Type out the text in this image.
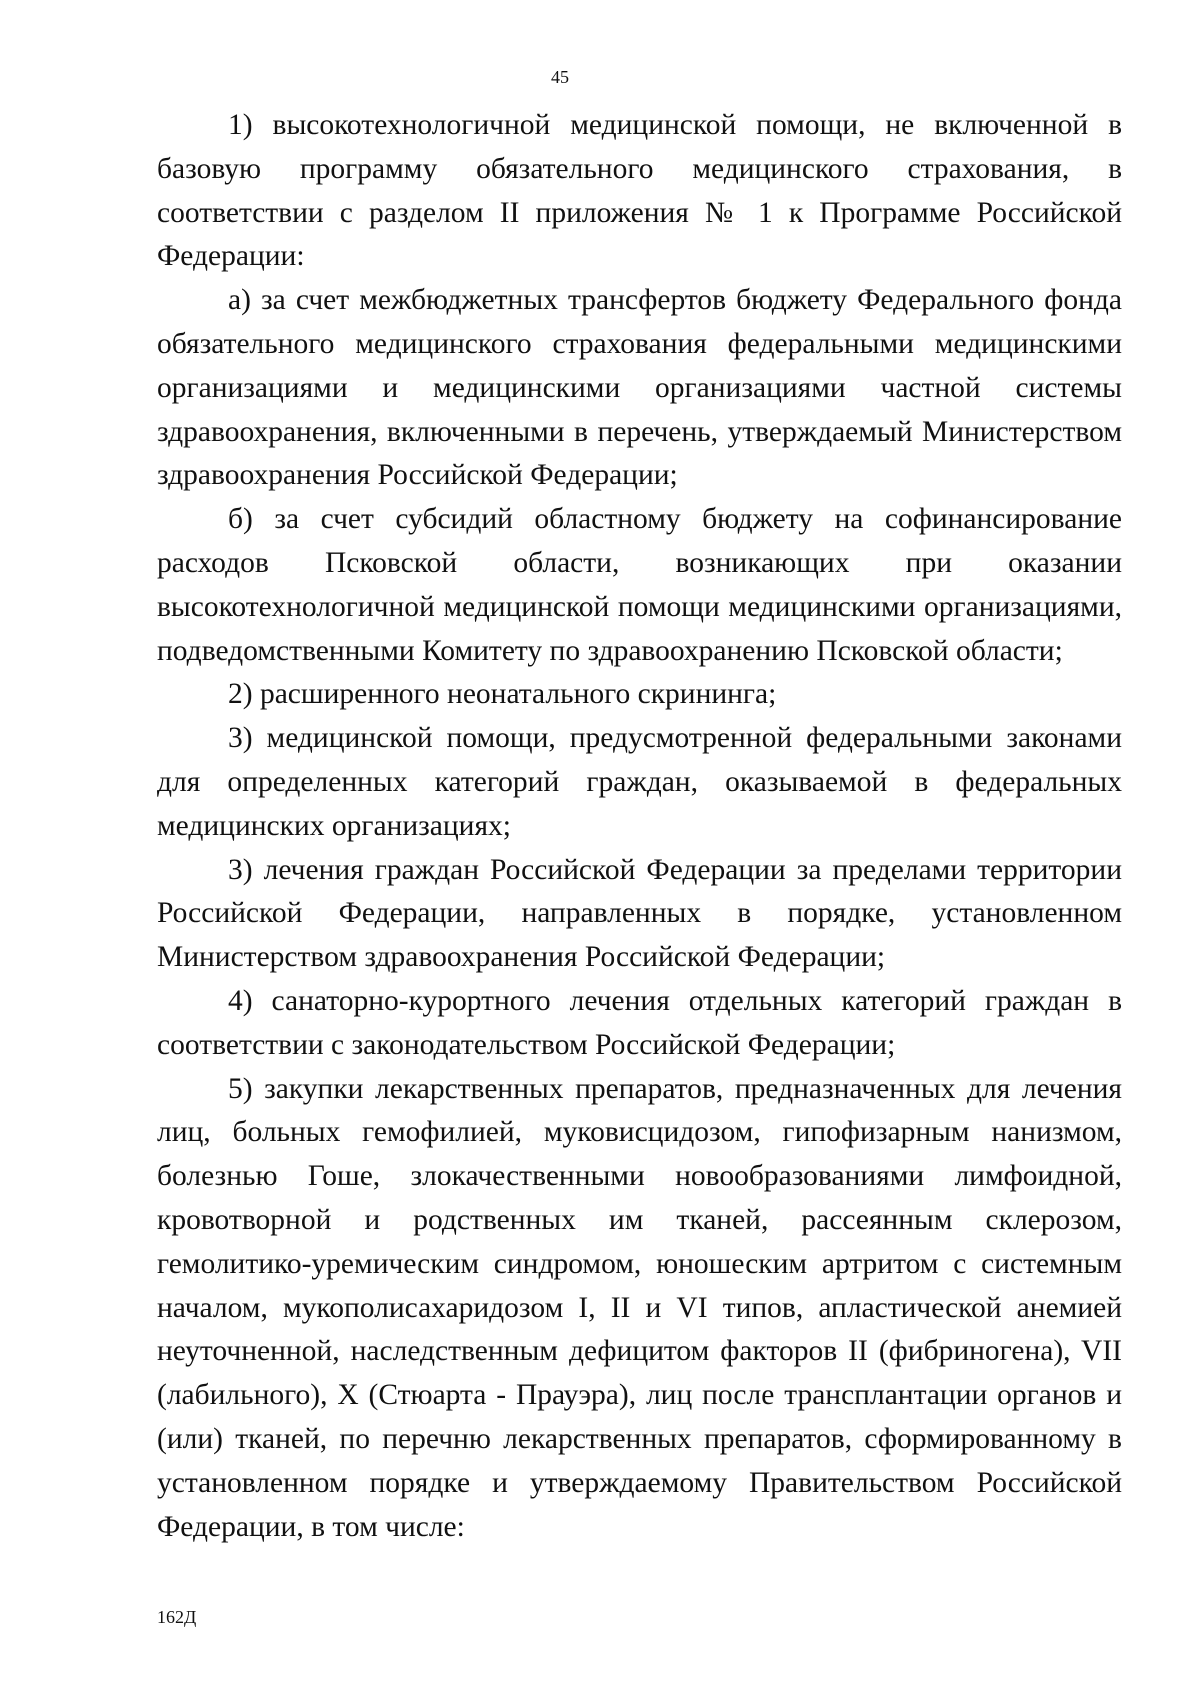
45

1) высокотехнологичной медицинской помощи, не включенной в базовую программу обязательного медицинского страхования, в соответствии с разделом II приложения № 1 к Программе Российской Федерации:

а) за счет межбюджетных трансфертов бюджету Федерального фонда обязательного медицинского страхования федеральными медицинскими организациями и медицинскими организациями частной системы здравоохранения, включенными в перечень, утверждаемый Министерством здравоохранения Российской Федерации;

б) за счет субсидий областному бюджету на софинансирование расходов Псковской области, возникающих при оказании высокотехнологичной медицинской помощи медицинскими организациями, подведомственными Комитету по здравоохранению Псковской области;

2) расширенного неонатального скрининга;

3) медицинской помощи, предусмотренной федеральными законами для определенных категорий граждан, оказываемой в федеральных медицинских организациях;

3) лечения граждан Российской Федерации за пределами территории Российской Федерации, направленных в порядке, установленном Министерством здравоохранения Российской Федерации;

4) санаторно-курортного лечения отдельных категорий граждан в соответствии с законодательством Российской Федерации;

5) закупки лекарственных препаратов, предназначенных для лечения лиц, больных гемофилией, муковисцидозом, гипофизарным нанизмом, болезнью Гоше, злокачественными новообразованиями лимфоидной, кровотворной и родственных им тканей, рассеянным склерозом, гемолитико-уремическим синдромом, юношеским артритом с системным началом, мукополисахаридозом I, II и VI типов, апластической анемией неуточненной, наследственным дефицитом факторов II (фибриногена), VII (лабильного), X (Стюарта - Прауэра), лиц после трансплантации органов и (или) тканей, по перечню лекарственных препаратов, сформированному в установленном порядке и утверждаемому Правительством Российской Федерации, в том числе:

162Д
